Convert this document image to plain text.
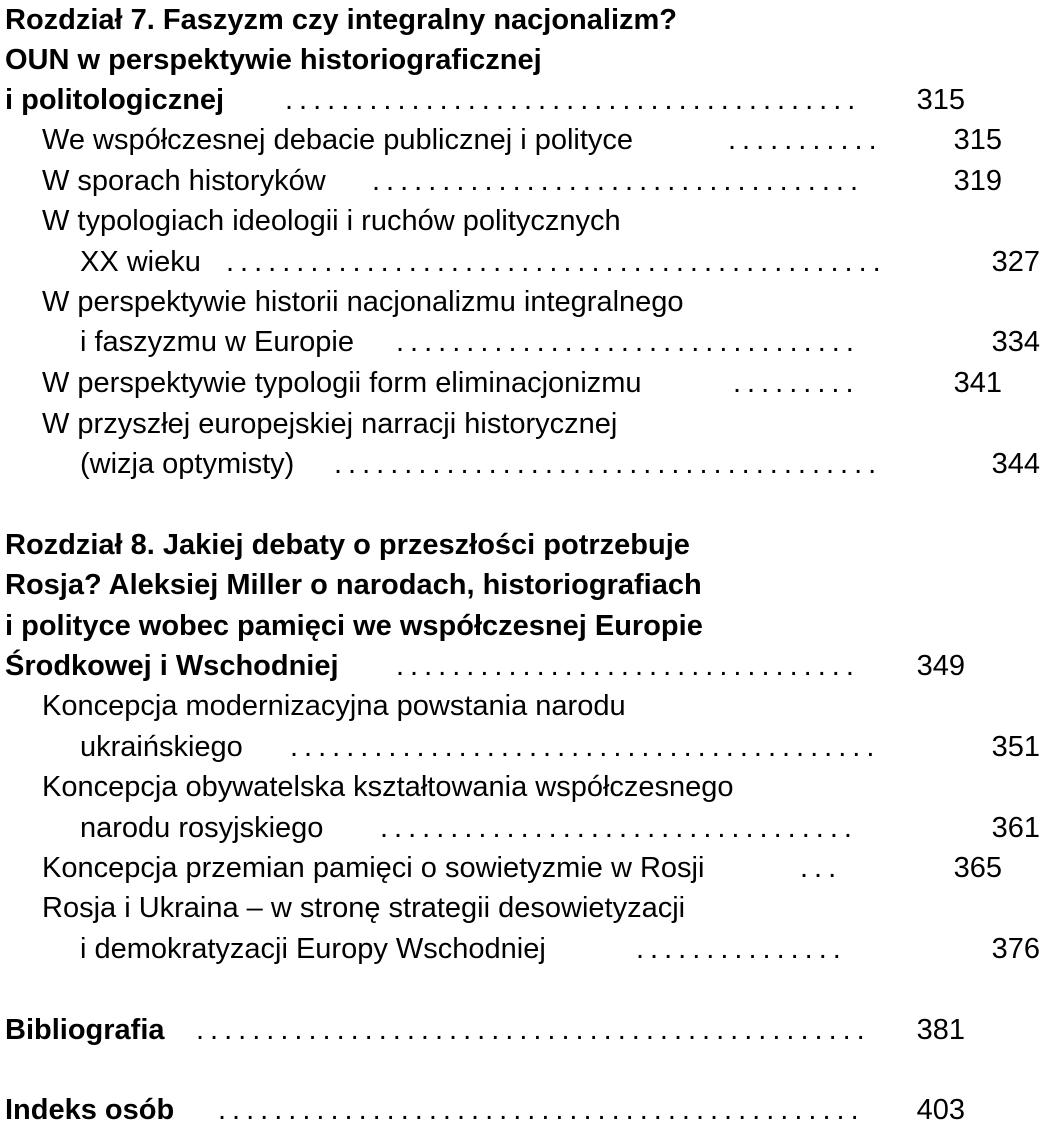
Rozdział 7. Faszyzm czy integralny nacjonalizm?
OUN w perspektywie historiograficznej
i politologicznej .........................................	315
We współczesnej debacie publicznej i polityce	...........	315
W sporach historyków ...................................	319
W typologiach ideologii i ruchów politycznych
XX wieku ...............................................	327
W perspektywie historii nacjonalizmu integralnego
i faszyzmu w Europie .................................	334
W perspektywie typologii form eliminacjonizmu	.........	341
W przyszłej europejskiej narracji historycznej
(wizja optymisty) .......................................	344
Rozdział 8. Jakiej debaty o przeszłości potrzebuje
Rosja? Aleksiej Miller o narodach, historiografiach
i polityce wobec pamięci we współczesnej Europie
Środkowej i Wschodniej .................................	349
Koncepcja modernizacyjna powstania narodu
ukraińskiego ..........................................	351
Koncepcja obywatelska kształtowania współczesnego
narodu rosyjskiego ..................................	361
Koncepcja przemian pamięci o sowietyzmie w Rosji	...	365
Rosja i Ukraina – w stronę strategii desowietyzacji
i demokratyzacji Europy Wschodniej	...............	376
Bibliografia ................................................	381
Indeks osób ..............................................	403
